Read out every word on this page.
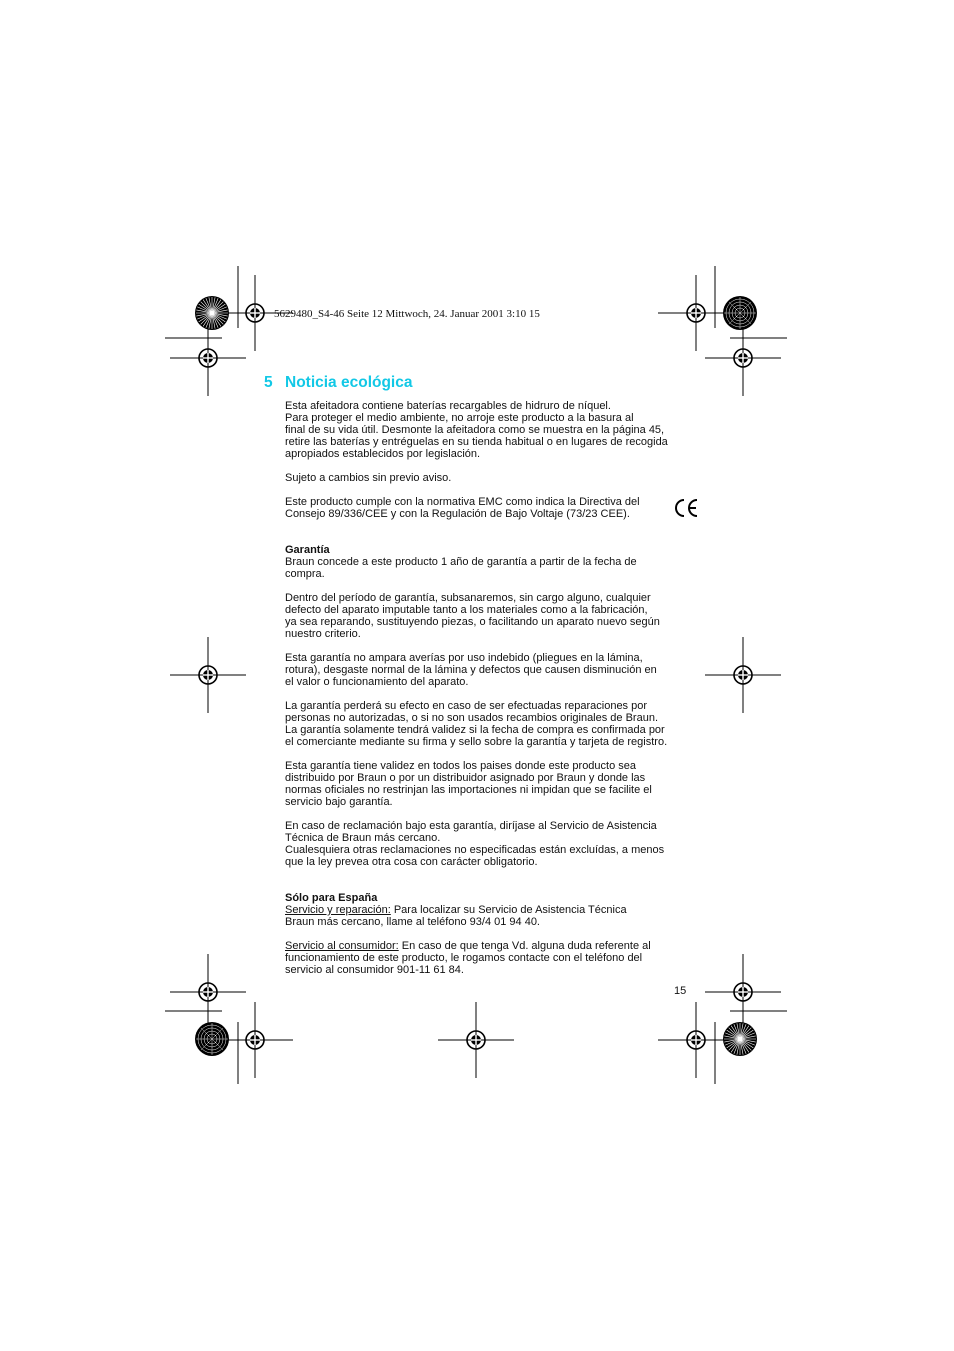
5629480_S4-46 Seite 12 Mittwoch, 24. Januar 2001 3:10 15
5 Noticia ecológica

Esta afeitadora contiene baterías recargables de hidruro de níquel.
Para proteger el medio ambiente, no arroje este producto a la basura al
final de su vida útil. Desmonte la afeitadora como se muestra en la página 45,
retire las baterías y entréguelas en su tienda habitual o en lugares de recogida
apropiados establecidos por legislación.

Sujeto a cambios sin previo aviso.

Este producto cumple con la normativa EMC como indica la Directiva del
Consejo 89/336/CEE y con la Regulación de Bajo Voltaje (73/23 CEE).

Garantía

Braun concede a este producto 1 año de garantía a partir de la fecha de
compra.

Dentro del período de garantía, subsanaremos, sin cargo alguno, cualquier
defecto del aparato imputable tanto a los materiales como a la fabricación,
ya sea reparando, sustituyendo piezas, o facilitando un aparato nuevo según
nuestro criterio.

Esta garantía no ampara averías por uso indebido (pliegues en la lámina,
rotura), desgaste normal de la lámina y defectos que causen disminución en
el valor o funcionamiento del aparato.

La garantía perderá su efecto en caso de ser efectuadas reparaciones por
personas no autorizadas, o si no son usados recambios originales de Braun.
La garantía solamente tendrá validez si la fecha de compra es confirmada por
el comerciante mediante su firma y sello sobre la garantía y tarjeta de registro.

Esta garantía tiene validez en todos los paises donde este producto sea
distribuido por Braun o por un distribuidor asignado por Braun y donde las
normas oficiales no restrinjan las importaciones ni impidan que se facilite el
servicio bajo garantía.

En caso de reclamación bajo esta garantía, diríjase al Servicio de Asistencia
Técnica de Braun más cercano.
Cualesquiera otras reclamaciones no especificadas están excluídas, a menos
que la ley prevea otra cosa con carácter obligatorio.

Sólo para España

Servicio y reparación: Para localizar su Servicio de Asistencia Técnica
Braun más cercano, llame al teléfono 93/4 01 94 40.

Servicio al consumidor: En caso de que tenga Vd. alguna duda referente al
funcionamiento de este producto, le rogamos contacte con el teléfono del
servicio al consumidor 901-11 61 84.

15
